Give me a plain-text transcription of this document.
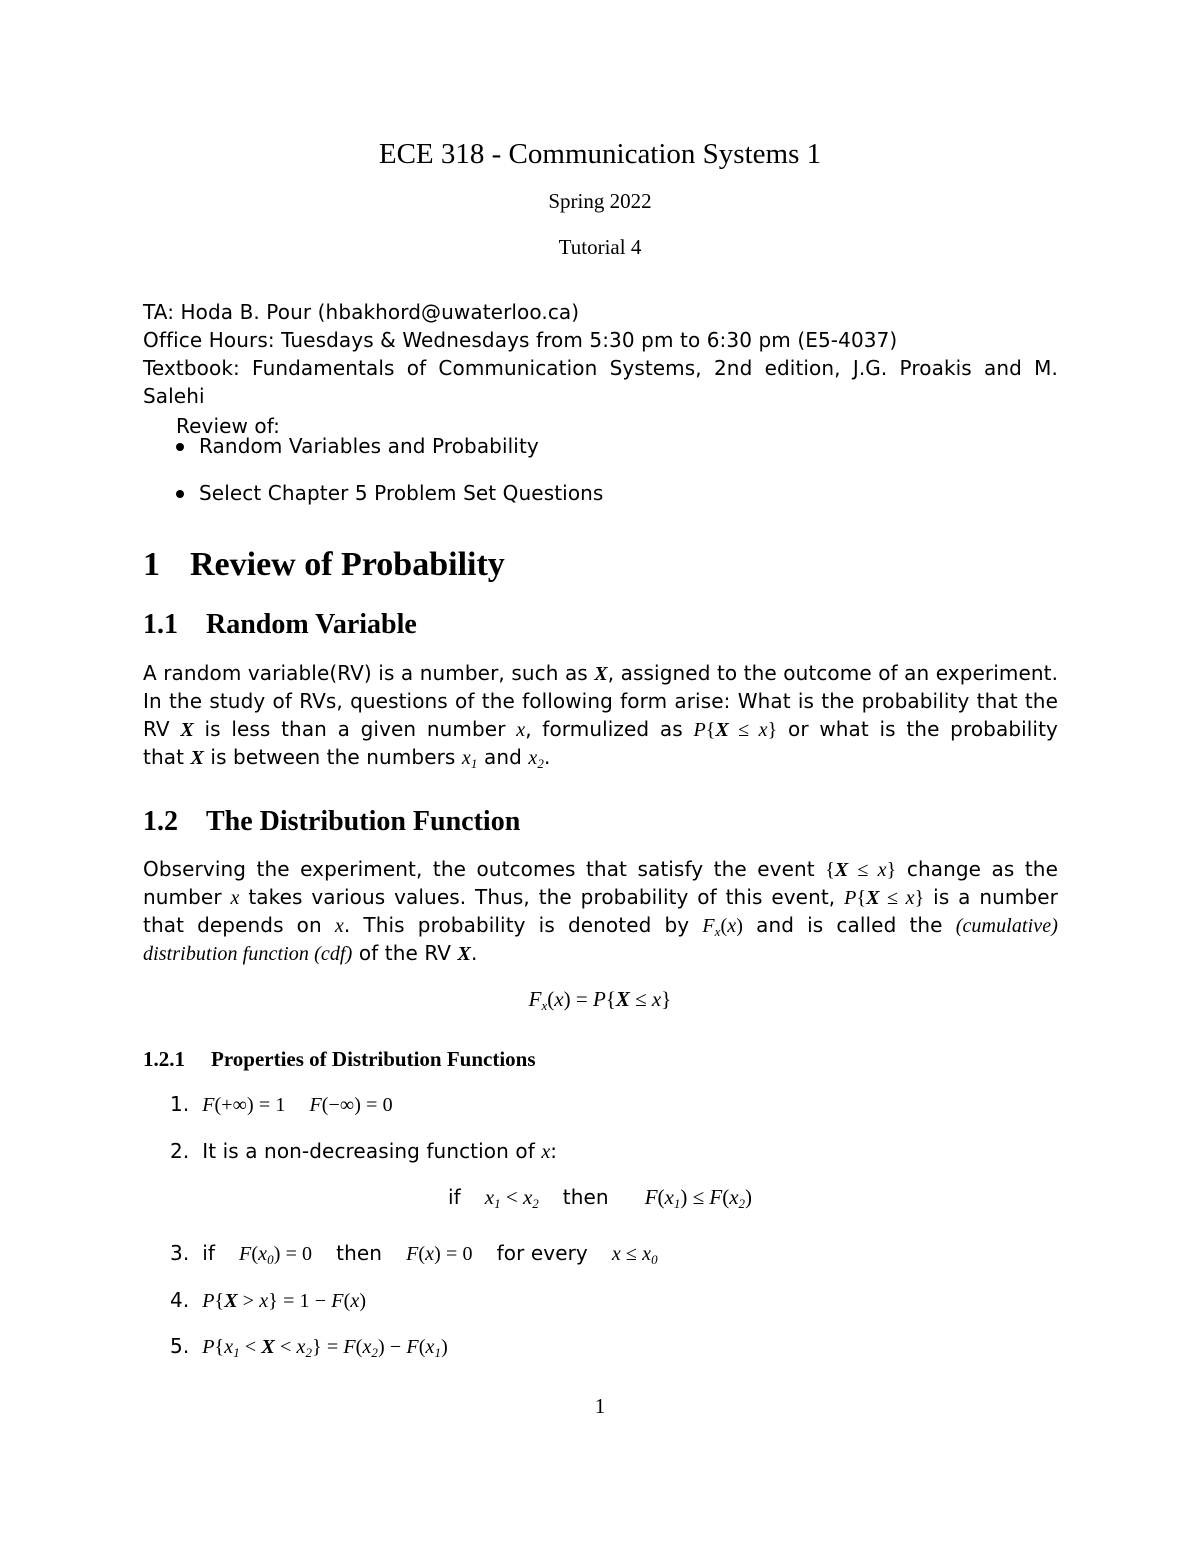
ECE 318 - Communication Systems 1
Spring 2022
Tutorial 4
TA: Hoda B. Pour (hbakhord@uwaterloo.ca)
Office Hours: Tuesdays & Wednesdays from 5:30 pm to 6:30 pm (E5-4037)
Textbook: Fundamentals of Communication Systems, 2nd edition, J.G. Proakis and M.
Salehi
Review of:
Random Variables and Probability
Select Chapter 5 Problem Set Questions
1 Review of Probability
1.1 Random Variable
A random variable(RV) is a number, such as X, assigned to the outcome of an experiment.
In the study of RVs, questions of the following form arise: What is the probability that the
RV X is less than a given number x, formulized as P{X ≤ x} or what is the probability
that X is between the numbers $x_1$ and $x_2$.
1.2 The Distribution Function
Observing the experiment, the outcomes that satisfy the event {X ≤ x} change as the
number x takes various values. Thus, the probability of this event, P{X ≤ x} is a number
that depends on x. This probability is denoted by $F_x(x)$ and is called the (cumulative)
distribution function (cdf) of the RV X.
$F_x(x) = P\{X \le x\}$
1.2.1 Properties of Distribution Functions
1.  F(+∞) = 1 F(−∞) = 0
2.  It is a non-decreasing function of x:
if $x_1 < x_2$ then $F(x_1) \le F(x_2)$
3.  if $F(x_0) = 0$ then F(x) = 0 for every $x \le x_0$
4.  P{X > x} = 1 − F(x)
5.  $P\{x_1 < X < x_2\} = F(x_2) - F(x_1)$
1
